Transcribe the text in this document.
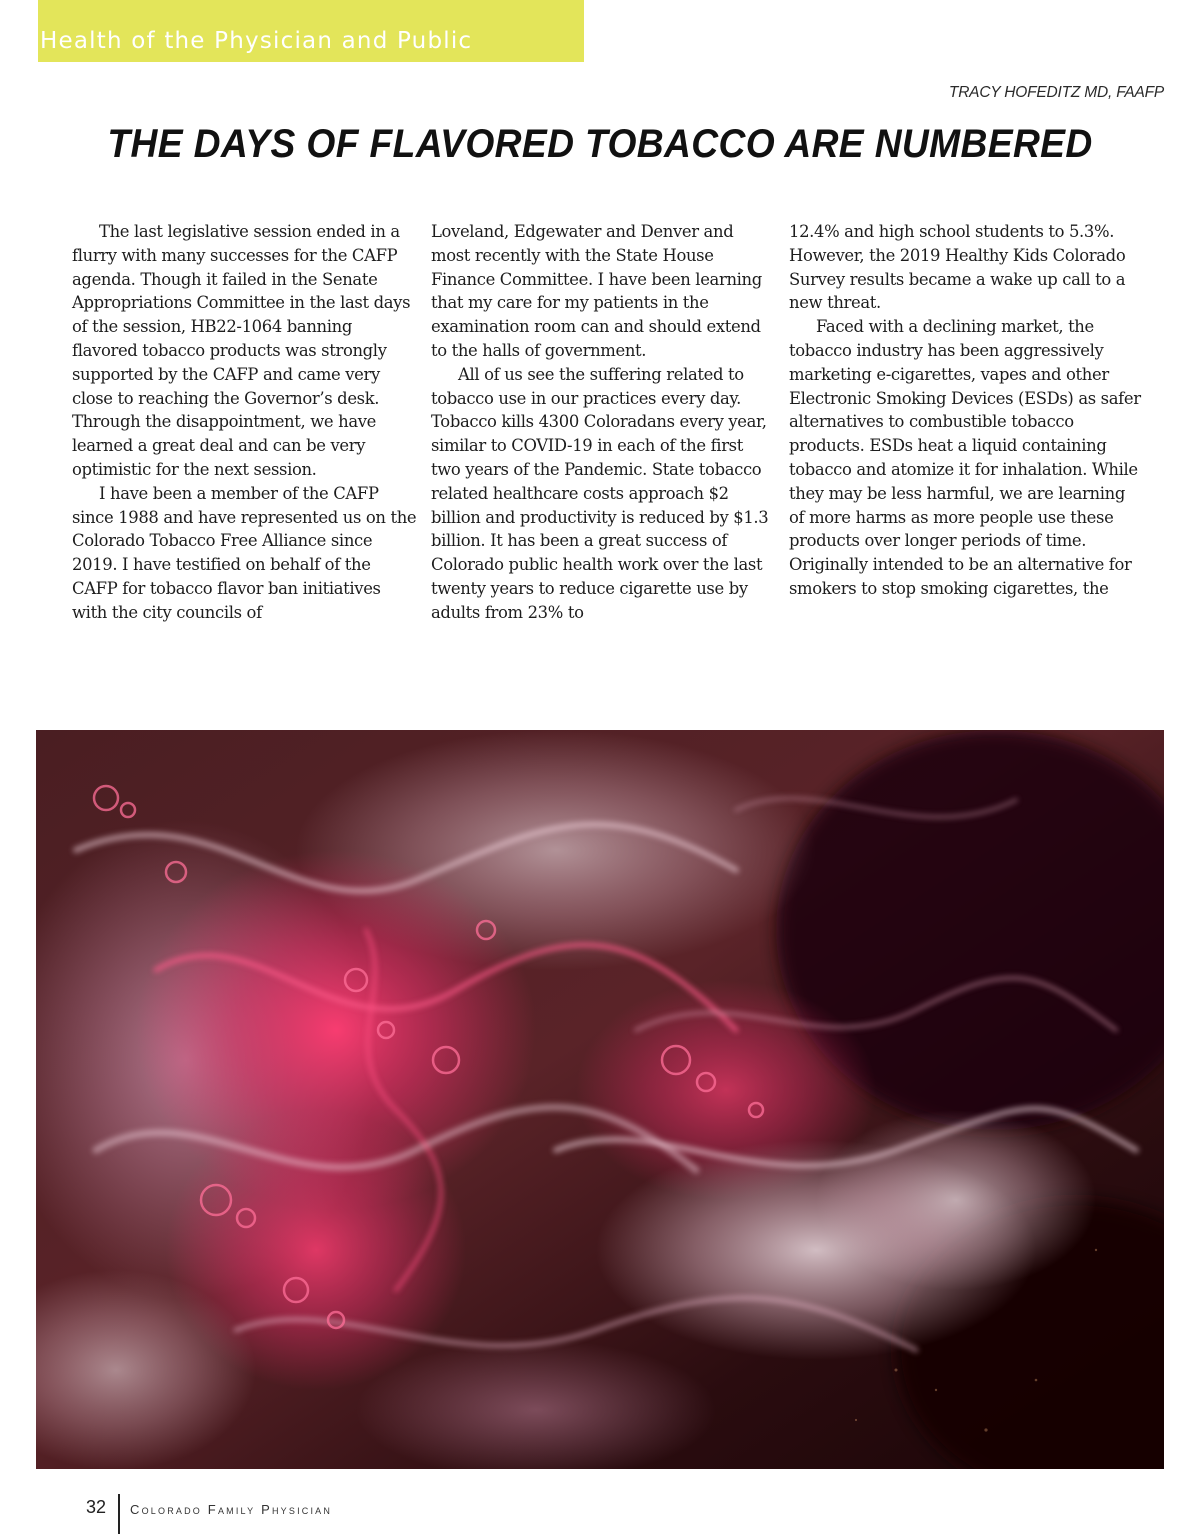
Health of the Physician and Public
TRACY HOFEDITZ MD, FAAFP
THE DAYS OF FLAVORED TOBACCO ARE NUMBERED

The last legislative session ended in a flurry with many successes for the CAFP agenda. Though it failed in the Senate Appropriations Committee in the last days of the session, HB22-1064 banning flavored tobacco products was strongly supported by the CAFP and came very close to reaching the Governor’s desk. Through the disappointment, we have learned a great deal and can be very optimistic for the next session.

I have been a member of the CAFP since 1988 and have represented us on the Colorado Tobacco Free Alliance since 2019. I have testified on behalf of the CAFP for tobacco flavor ban initiatives with the city councils of

Loveland, Edgewater and Denver and most recently with the State House Finance Committee. I have been learning that my care for my patients in the examination room can and should extend to the halls of government.

All of us see the suffering related to tobacco use in our practices every day. Tobacco kills 4300 Coloradans every year, similar to COVID-19 in each of the first two years of the Pandemic. State tobacco related healthcare costs approach $2 billion and productivity is reduced by $1.3 billion. It has been a great success of Colorado public health work over the last twenty years to reduce cigarette use by adults from 23% to

12.4% and high school students to 5.3%. However, the 2019 Healthy Kids Colorado Survey results became a wake up call to a new threat.

Faced with a declining market, the tobacco industry has been aggressively marketing e-cigarettes, vapes and other Electronic Smoking Devices (ESDs) as safer alternatives to combustible tobacco products. ESDs heat a liquid containing tobacco and atomize it for inhalation. While they may be less harmful, we are learning of more harms as more people use these products over longer periods of time. Originally intended to be an alternative for smokers to stop smoking cigarettes, the

32 Colorado Family Physician
